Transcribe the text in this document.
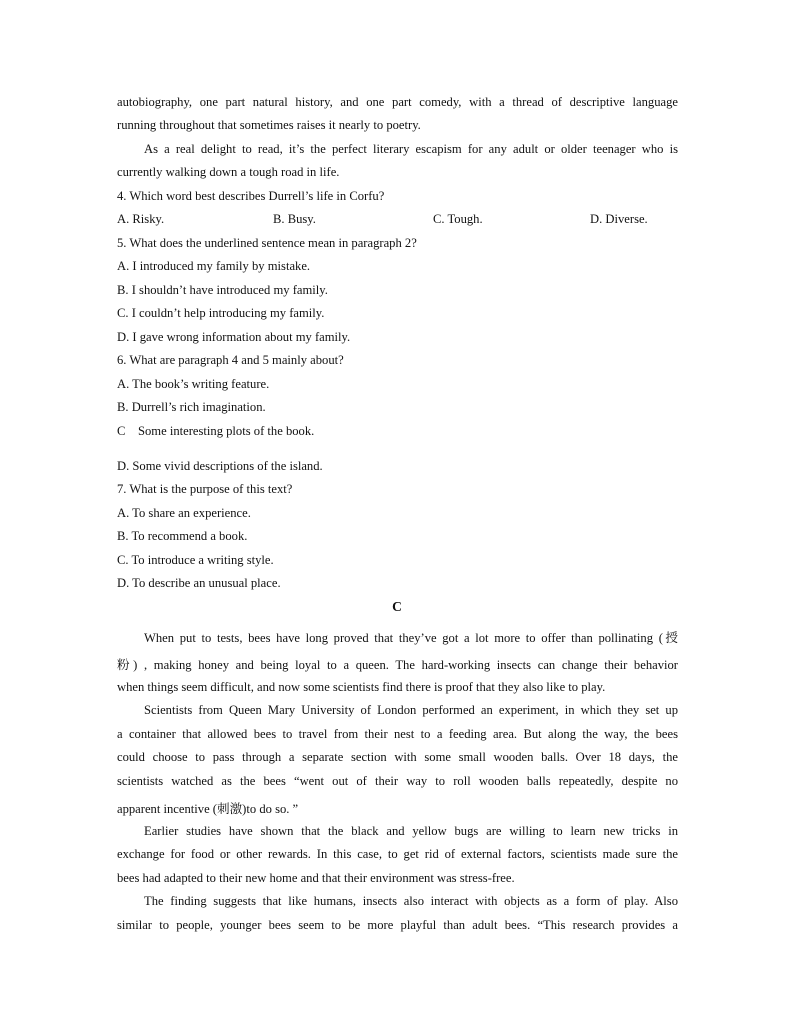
autobiography, one part natural history, and one part comedy, with a thread of descriptive language
running throughout that sometimes raises it nearly to poetry.
As a real delight to read, it’s the perfect literary escapism for any adult or older teenager who is
currently walking down a tough road in life.
4. Which word best describes Durrell’s life in Corfu?
A. Risky.	B. Busy.	C. Tough.	D. Diverse.
5. What does the underlined sentence mean in paragraph 2?
A. I introduced my family by mistake.
B. I shouldn’t have introduced my family.
C. I couldn’t help introducing my family.
D. I gave wrong information about my family.
6. What are paragraph 4 and 5 mainly about?
A. The book’s writing feature.
B. Durrell’s rich imagination.
C    Some interesting plots of the book.
D. Some vivid descriptions of the island.
7. What is the purpose of this text?
A. To share an experience.
B. To recommend a book.
C. To introduce a writing style.
D. To describe an unusual place.
C
When put to tests, bees have long proved that they’ve got a lot more to offer than pollinating (授
粉) , making honey and being loyal to a queen. The hard-working insects can change their behavior
when things seem difficult, and now some scientists find there is proof that they also like to play.
Scientists from Queen Mary University of London performed an experiment, in which they set up
a container that allowed bees to travel from their nest to a feeding area. But along the way, the bees
could choose to pass through a separate section with some small wooden balls. Over 18 days, the
scientists watched as the bees “went out of their way to roll wooden balls repeatedly, despite no
apparent incentive (刺激)to do so. ”
Earlier studies have shown that the black and yellow bugs are willing to learn new tricks in
exchange for food or other rewards. In this case, to get rid of external factors, scientists made sure the
bees had adapted to their new home and that their environment was stress-free.
The finding suggests that like humans, insects also interact with objects as a form of play. Also
similar to people, younger bees seem to be more playful than adult bees. “This research provides a
